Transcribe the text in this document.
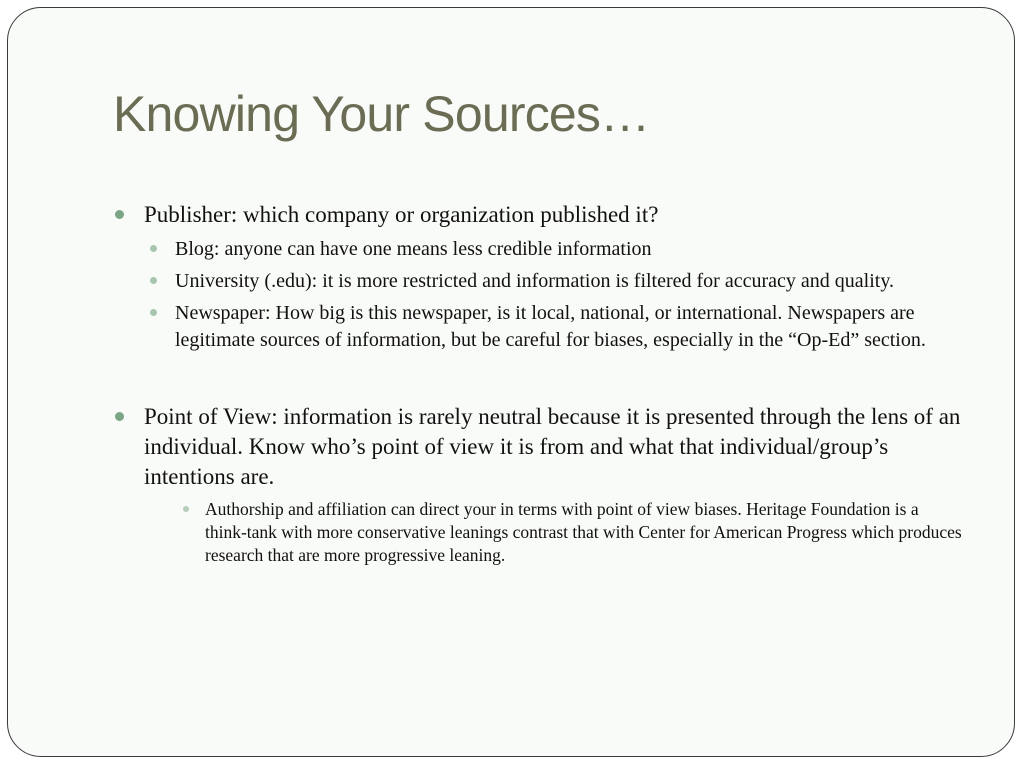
Knowing Your Sources…
Publisher: which company or organization published it?
Blog: anyone can have one means less credible information
University (.edu): it is more restricted and information is filtered for accuracy and quality.
Newspaper: How big is this newspaper, is it local, national, or international. Newspapers are legitimate sources of information, but be careful for biases, especially in the “Op-Ed” section.
Point of View: information is rarely neutral because it is presented through the lens of an individual. Know who’s point of view it is from and what that individual/group’s intentions are.
Authorship and affiliation can direct your in terms with point of view biases. Heritage Foundation is a think-tank with more conservative leanings contrast that with Center for American Progress which produces research that are more progressive leaning.
